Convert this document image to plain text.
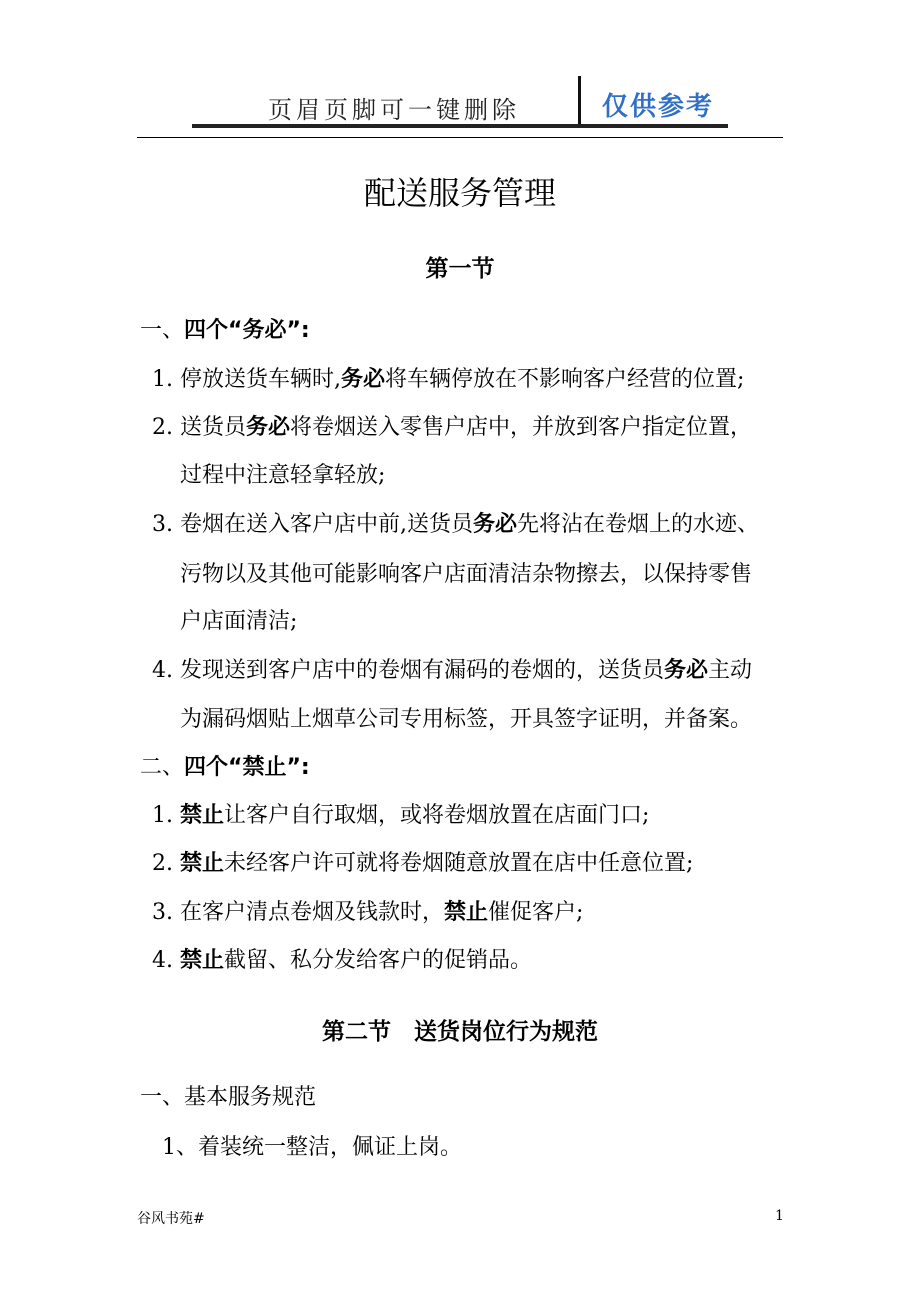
页眉页脚可一键删除	仅供参考
配送服务管理
第一节
一、四个“务必”:
1. 停放送货车辆时,务必将车辆停放在不影响客户经营的位置;
2. 送货员务必将卷烟送入零售户店中，并放到客户指定位置，
过程中注意轻拿轻放;
3. 卷烟在送入客户店中前,送货员务必先将沾在卷烟上的水迹、
污物以及其他可能影响客户店面清洁杂物擦去，以保持零售
户店面清洁;
4. 发现送到客户店中的卷烟有漏码的卷烟的，送货员务必主动
为漏码烟贴上烟草公司专用标签，开具签字证明，并备案。
二、四个“禁止”:
1. 禁止让客户自行取烟，或将卷烟放置在店面门口;
2. 禁止未经客户许可就将卷烟随意放置在店中任意位置;
3. 在客户清点卷烟及钱款时，禁止催促客户;
4. 禁止截留、私分发给客户的促销品。
第二节　送货岗位行为规范
一、基本服务规范
1、着装统一整洁，佩证上岗。
谷风书苑#	1
